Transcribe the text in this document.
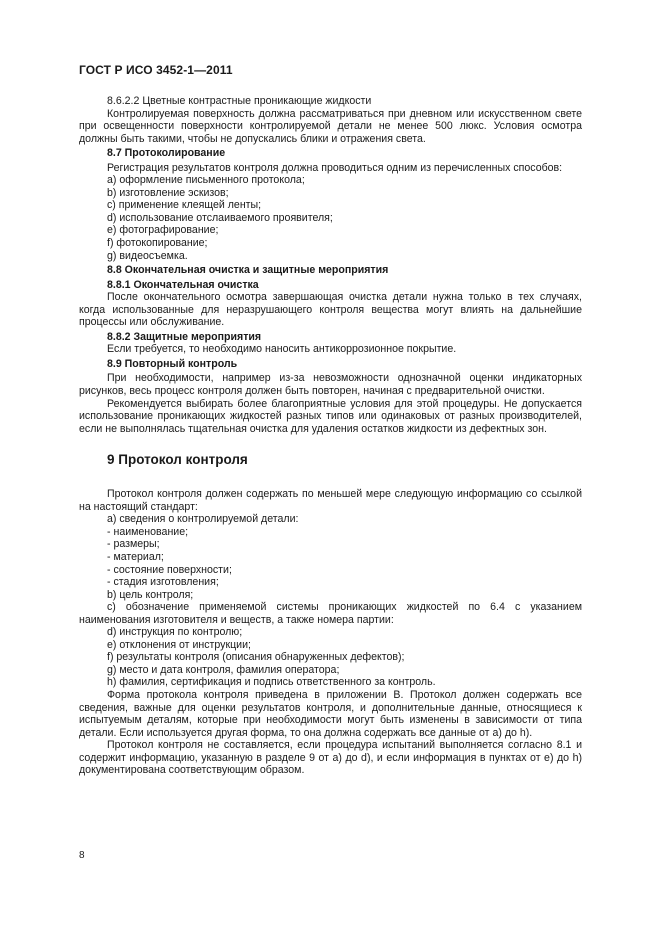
ГОСТ Р ИСО 3452-1—2011

8.6.2.2 Цветные контрастные проникающие жидкости

Контролируемая поверхность должна рассматриваться при дневном или искусственном свете при освещенности поверхности контролируемой детали не менее 500 люкс. Условия осмотра должны быть такими, чтобы не допускались блики и отражения света.

8.7 Протоколирование

Регистрация результатов контроля должна проводиться одним из перечисленных способов:

a) оформление письменного протокола;

b) изготовление эскизов;

c) применение клеящей ленты;

d) использование отслаиваемого проявителя;

e) фотографирование;

f) фотокопирование;

g) видеосъемка.

8.8 Окончательная очистка и защитные мероприятия

8.8.1 Окончательная очистка

После окончательного осмотра завершающая очистка детали нужна только в тех случаях, когда использованные для неразрушающего контроля вещества могут влиять на дальнейшие процессы или обслуживание.

8.8.2 Защитные мероприятия

Если требуется, то необходимо наносить антикоррозионное покрытие.

8.9 Повторный контроль

При необходимости, например из-за невозможности однозначной оценки индикаторных рисунков, весь процесс контроля должен быть повторен, начиная с предварительной очистки.

Рекомендуется выбирать более благоприятные условия для этой процедуры. Не допускается использование проникающих жидкостей разных типов или одинаковых от разных производителей, если не выполнялась тщательная очистка для удаления остатков жидкости из дефектных зон.

9 Протокол контроля

Протокол контроля должен содержать по меньшей мере следующую информацию со ссылкой на настоящий стандарт:

a) сведения о контролируемой детали:

- наименование;

- размеры;

- материал;

- состояние поверхности;

- стадия изготовления;

b) цель контроля;

c) обозначение применяемой системы проникающих жидкостей по 6.4 с указанием наименования изготовителя и веществ, а также номера партии:

d) инструкция по контролю;

e) отклонения от инструкции;

f) результаты контроля (описания обнаруженных дефектов);

g) место и дата контроля, фамилия оператора;

h) фамилия, сертификация и подпись ответственного за контроль.

Форма протокола контроля приведена в приложении В. Протокол должен содержать все сведения, важные для оценки результатов контроля, и дополнительные данные, относящиеся к испытуемым деталям, которые при необходимости могут быть изменены в зависимости от типа детали. Если используется другая форма, то она должна содержать все данные от a) до h).

Протокол контроля не составляется, если процедура испытаний выполняется согласно 8.1 и содержит информацию, указанную в разделе 9 от a) до d), и если информация в пунктах от e) до h) документирована соответствующим образом.

8
